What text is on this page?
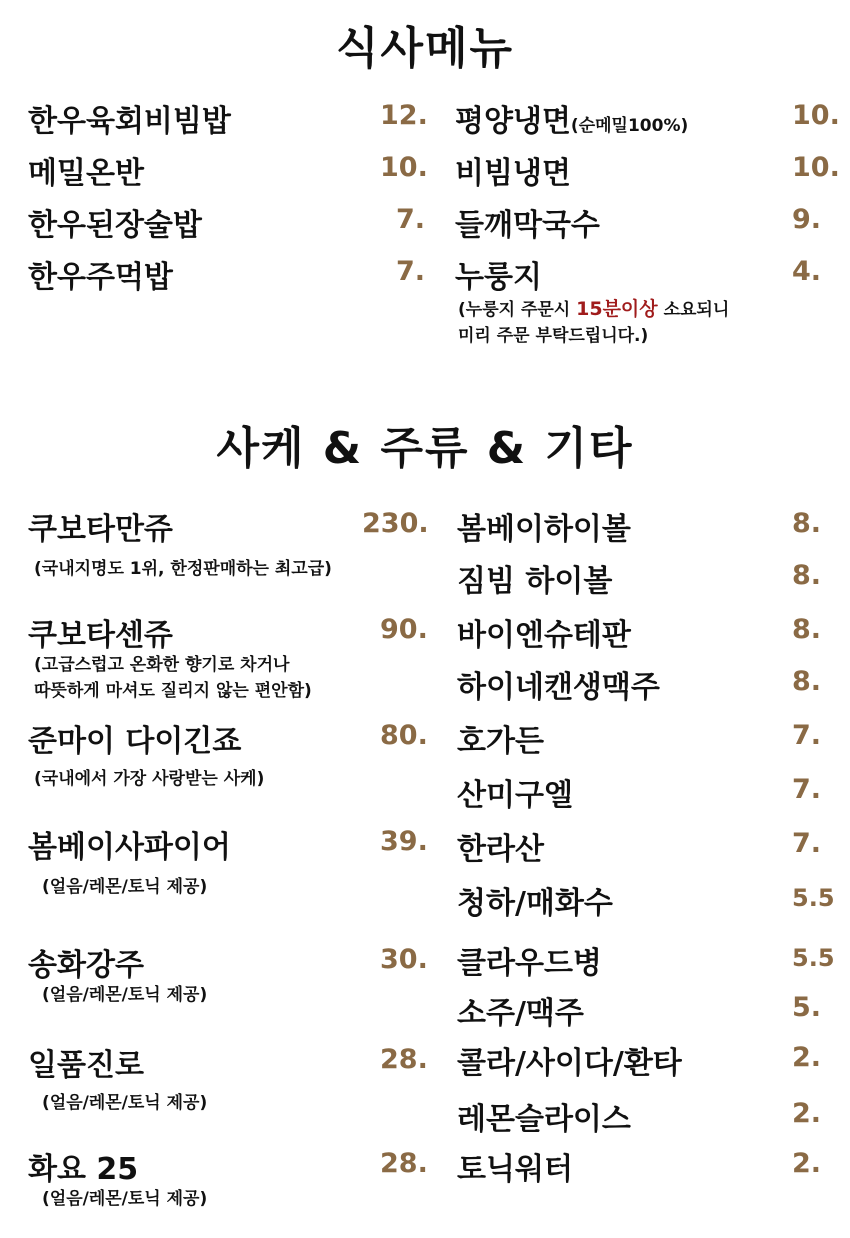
식사메뉴
한우육회비빔밥	12.
메밀온반	10.
한우된장술밥	7.
한우주먹밥	7.
평양냉면(순메밀100%)	10.
비빔냉면	10.
들깨막국수	9.
누룽지	4.
(누룽지 주문시 15분이상 소요되니
미리 주문 부탁드립니다.)
사케 & 주류 & 기타
쿠보타만쥬	230.
(국내지명도 1위, 한정판매하는 최고급)
쿠보타센쥬	90.
(고급스럽고 온화한 향기로 차거나
따뜻하게 마셔도 질리지 않는 편안함)
준마이 다이긴죠	80.
(국내에서 가장 사랑받는 사케)
봄베이사파이어	39.
(얼음/레몬/토닉 제공)
송화강주	30.
(얼음/레몬/토닉 제공)
일품진로	28.
(얼음/레몬/토닉 제공)
화요 25	28.
(얼음/레몬/토닉 제공)
봄베이하이볼	8.
짐빔 하이볼	8.
바이엔슈테판	8.
하이네캔생맥주	8.
호가든	7.
산미구엘	7.
한라산	7.
청하/매화수	5.5
클라우드병	5.5
소주/맥주	5.
콜라/사이다/환타	2.
레몬슬라이스	2.
토닉워터	2.
